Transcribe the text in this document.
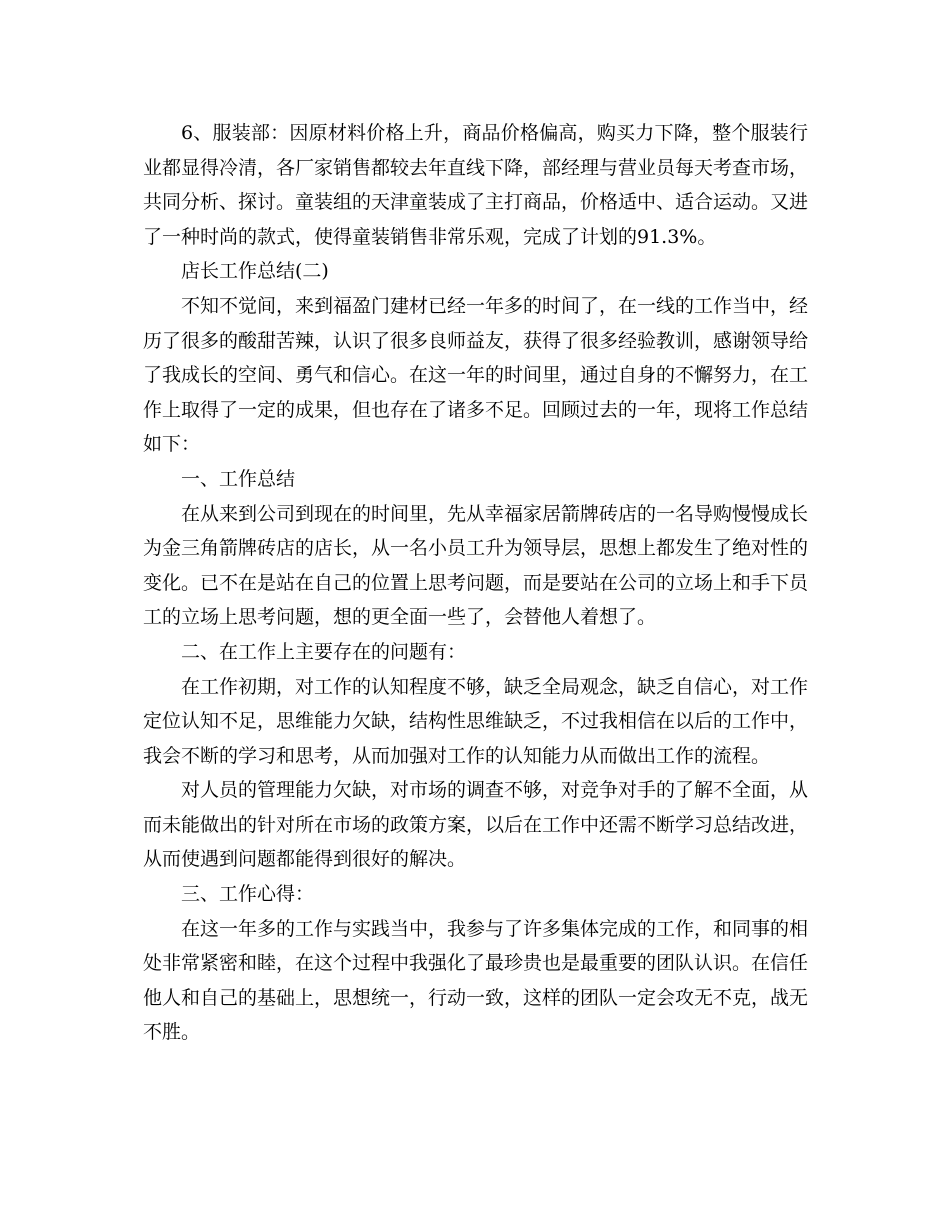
6、服装部：因原材料价格上升，商品价格偏高，购买力下降，整个服装行业都显得冷清，各厂家销售都较去年直线下降，部经理与营业员每天考查市场，共同分析、探讨。童装组的天津童装成了主打商品，价格适中、适合运动。又进了一种时尚的款式，使得童装销售非常乐观，完成了计划的91.3%。

店长工作总结(二)

不知不觉间，来到福盈门建材已经一年多的时间了，在一线的工作当中，经历了很多的酸甜苦辣，认识了很多良师益友，获得了很多经验教训，感谢领导给了我成长的空间、勇气和信心。在这一年的时间里，通过自身的不懈努力，在工作上取得了一定的成果，但也存在了诸多不足。回顾过去的一年，现将工作总结如下：

一、工作总结

在从来到公司到现在的时间里，先从幸福家居箭牌砖店的一名导购慢慢成长为金三角箭牌砖店的店长，从一名小员工升为领导层，思想上都发生了绝对性的变化。已不在是站在自己的位置上思考问题，而是要站在公司的立场上和手下员工的立场上思考问题，想的更全面一些了，会替他人着想了。

二、在工作上主要存在的问题有：

在工作初期，对工作的认知程度不够，缺乏全局观念，缺乏自信心，对工作定位认知不足，思维能力欠缺，结构性思维缺乏，不过我相信在以后的工作中，我会不断的学习和思考，从而加强对工作的认知能力从而做出工作的流程。

对人员的管理能力欠缺，对市场的调查不够，对竞争对手的了解不全面，从而未能做出的针对所在市场的政策方案，以后在工作中还需不断学习总结改进，从而使遇到问题都能得到很好的解决。

三、工作心得：

在这一年多的工作与实践当中，我参与了许多集体完成的工作，和同事的相处非常紧密和睦，在这个过程中我强化了最珍贵也是最重要的团队认识。在信任他人和自己的基础上，思想统一，行动一致，这样的团队一定会攻无不克，战无不胜。
